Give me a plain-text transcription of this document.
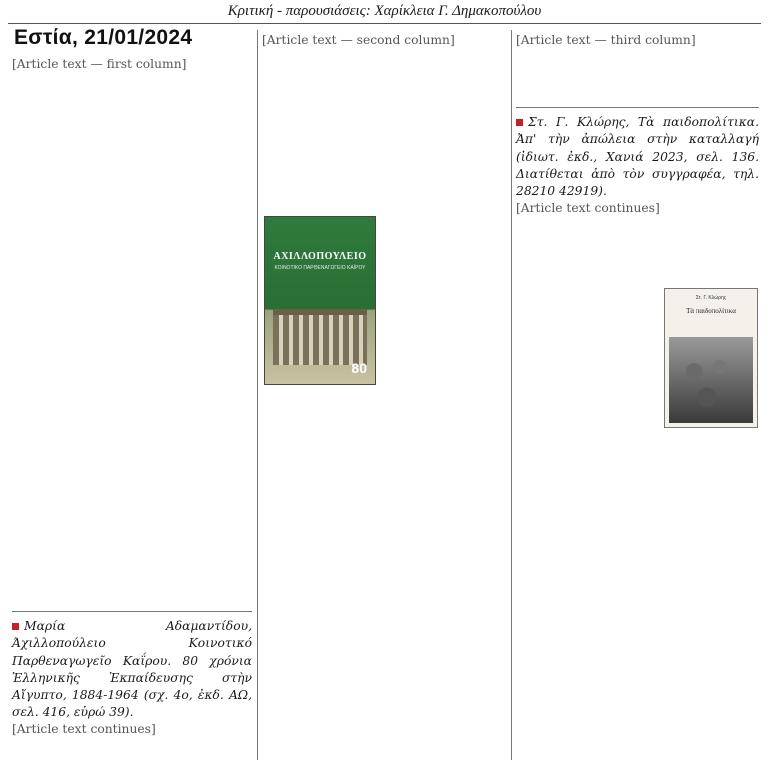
Κριτική - παρουσιάσεις: Χαρίκλεια Γ. Δημακοπούλου
Εστία, 21/01/2024

[Article text — first column]

Μαρία Αδαμαντίδου, Άχιλλοπούλειο Κοινοτικό Παρθεναγωγεῖο Καΐρου. 80 χρόνια Ἑλληνικῆς Ἐκπαίδευσης στὴν Αἴγυπτο, 1884-1964 (σχ. 4ο, ἐκδ. ΑΩ, σελ. 416, εὐρώ 39).

[Article text continues]

[Article text — second column]

ΑΧΙΛΛΟΠΟΥΛΕΙΟ
ΚΟΙΝΟΤΙΚΟ ΠΑΡΘΕΝΑΓΩΓΕΙΟ ΚΑΪΡΟΥ
80

[Article text — third column]

Στ. Γ. Κλώρης, Τὰ παιδοπολίτικα. Ἀπ' τὴν ἀπώλεια στὴν καταλλαγή (ἰδιωτ. ἐκδ., Χανιά 2023, σελ. 136. Διατίθεται ἀπὸ τὸν συγγραφέα, τηλ. 28210 42919).

[Article text continues]

Στ. Γ. Κλώρης
Τὰ παιδοπολίτικα
